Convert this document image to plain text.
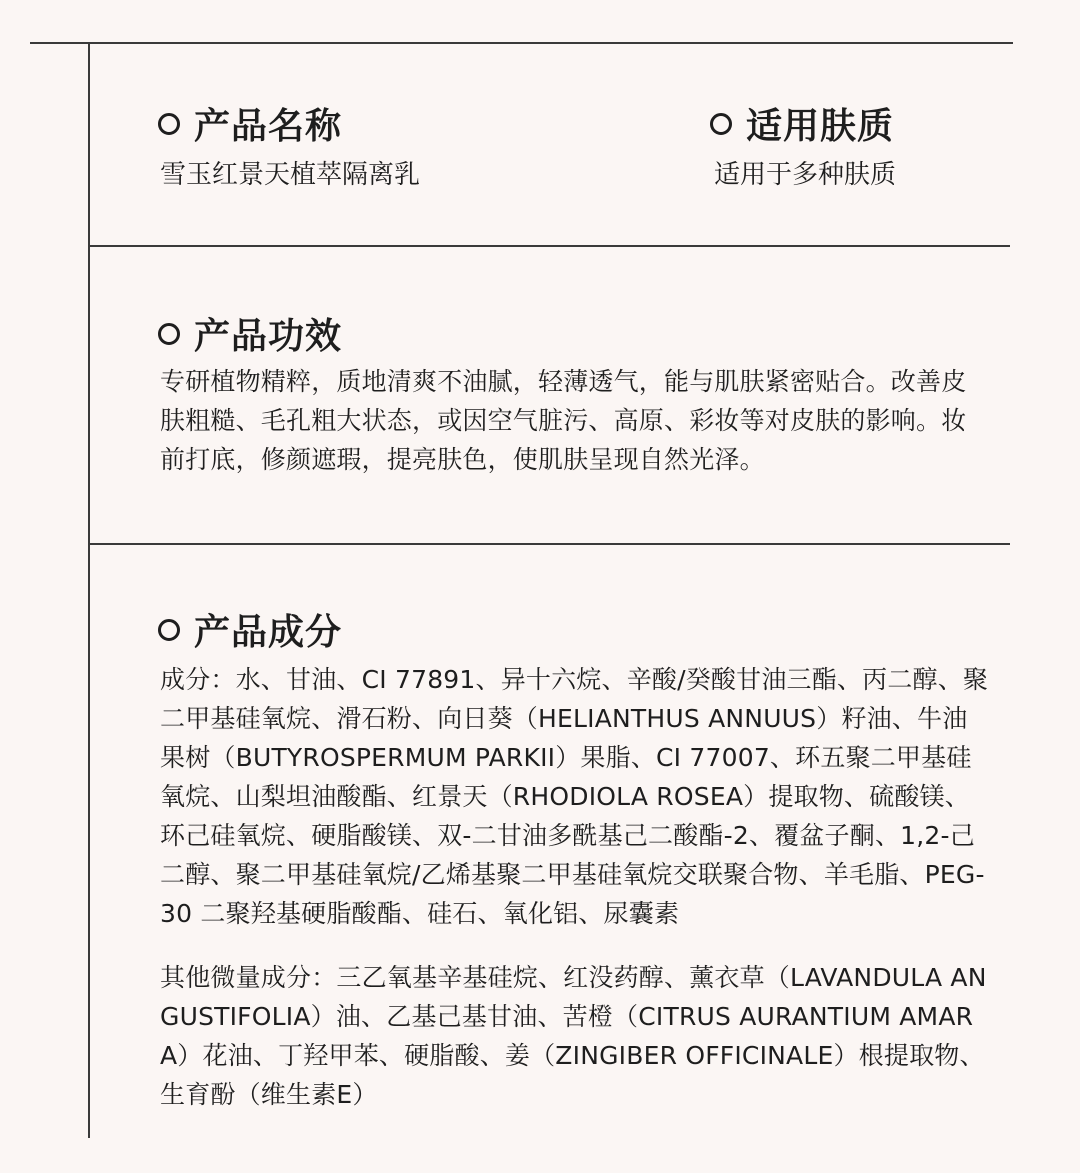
产品名称
雪玉红景天植萃隔离乳
适用肤质
适用于多种肤质
产品功效
专研植物精粹，质地清爽不油腻，轻薄透气，能与肌肤紧密贴合。改善皮肤粗糙、毛孔粗大状态，或因空气脏污、高原、彩妆等对皮肤的影响。妆前打底，修颜遮瑕，提亮肤色，使肌肤呈现自然光泽。
产品成分
成分：水、甘油、CI 77891、异十六烷、辛酸/癸酸甘油三酯、丙二醇、聚二甲基硅氧烷、滑石粉、向日葵（HELIANTHUS ANNUUS）籽油、牛油果树（BUTYROSPERMUM PARKII）果脂、CI 77007、环五聚二甲基硅氧烷、山梨坦油酸酯、红景天（RHODIOLA ROSEA）提取物、硫酸镁、环己硅氧烷、硬脂酸镁、双-二甘油多酰基己二酸酯-2、覆盆子酮、1,2-己二醇、聚二甲基硅氧烷/乙烯基聚二甲基硅氧烷交联聚合物、羊毛脂、PEG-30 二聚羟基硬脂酸酯、硅石、氧化铝、尿囊素
其他微量成分：三乙氧基辛基硅烷、红没药醇、薰衣草（LAVANDULA ANGUSTIFOLIA）油、乙基己基甘油、苦橙（CITRUS AURANTIUM AMARA）花油、丁羟甲苯、硬脂酸、姜（ZINGIBER OFFICINALE）根提取物、生育酚（维生素E）
